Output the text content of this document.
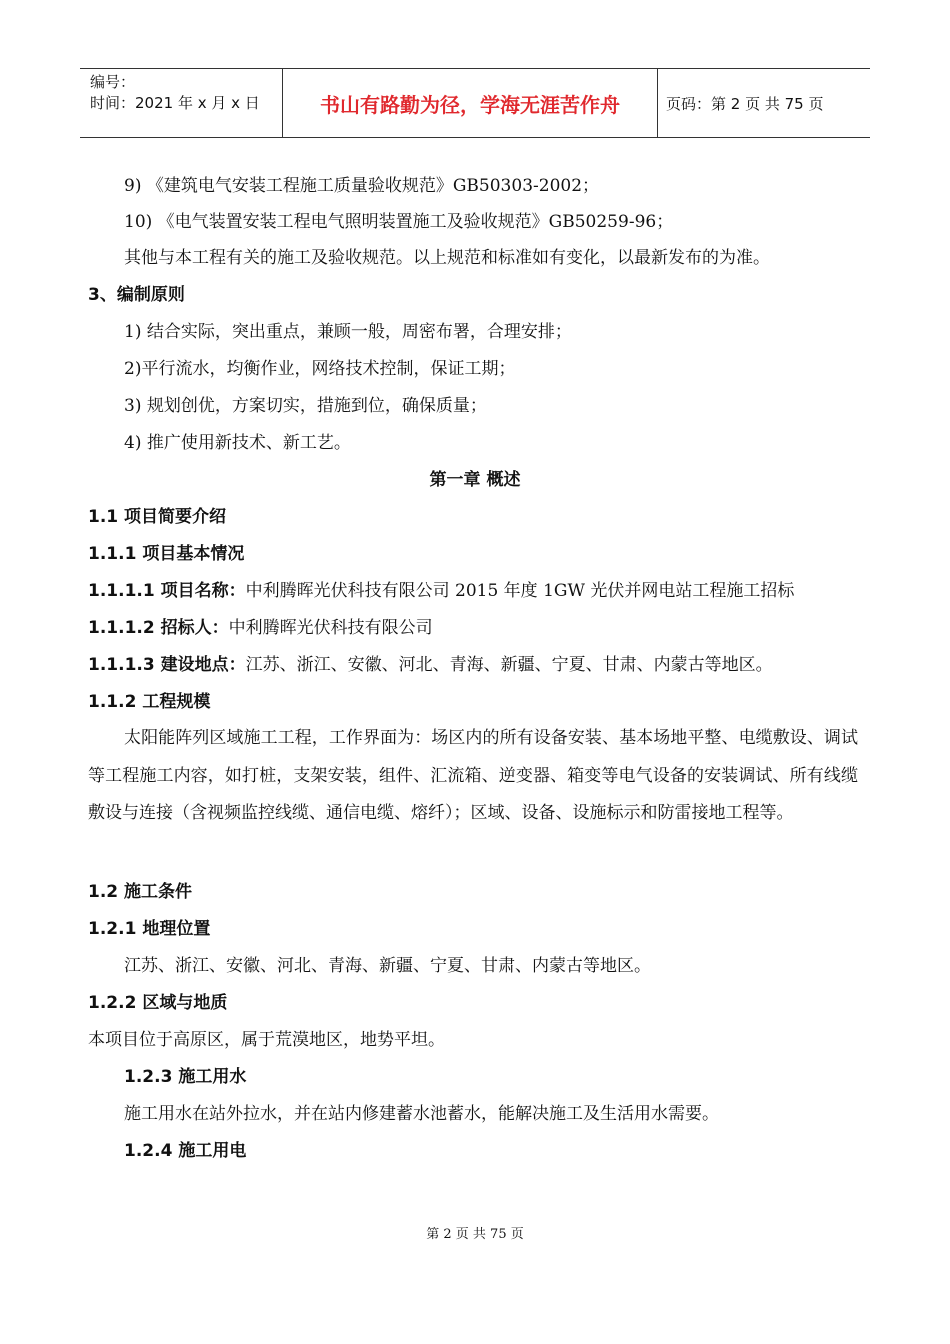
编号：
时间：2021 年 x 月 x 日	书山有路勤为径，学海无涯苦作舟	页码：第 2 页 共 75 页
9) 《建筑电气安装工程施工质量验收规范》GB50303-2002；
10) 《电气装置安装工程电气照明装置施工及验收规范》GB50259-96；
其他与本工程有关的施工及验收规范。以上规范和标准如有变化，以最新发布的为准。
3、编制原则
1) 结合实际，突出重点，兼顾一般，周密布署，合理安排；
2)平行流水，均衡作业，网络技术控制，保证工期；
3) 规划创优，方案切实，措施到位，确保质量；
4) 推广使用新技术、新工艺。
第一章 概述
1.1 项目简要介绍
1.1.1 项目基本情况
1.1.1.1 项目名称：中利腾晖光伏科技有限公司 2015 年度 1GW 光伏并网电站工程施工招标
1.1.1.2 招标人：中利腾晖光伏科技有限公司
1.1.1.3 建设地点：江苏、浙江、安徽、河北、青海、新疆、宁夏、甘肃、内蒙古等地区。
1.1.2 工程规模

太阳能阵列区域施工工程，工作界面为：场区内的所有设备安装、基本场地平整、电缆敷设、调试等工程施工内容，如打桩，支架安装，组件、汇流箱、逆变器、箱变等电气设备的安装调试、所有线缆敷设与连接（含视频监控线缆、通信电缆、熔纤）；区域、设备、设施标示和防雷接地工程等。

1.2 施工条件
1.2.1 地理位置
江苏、浙江、安徽、河北、青海、新疆、宁夏、甘肃、内蒙古等地区。
1.2.2 区域与地质
本项目位于高原区，属于荒漠地区，地势平坦。
1.2.3 施工用水
施工用水在站外拉水，并在站内修建蓄水池蓄水，能解决施工及生活用水需要。
1.2.4 施工用电
第 2 页 共 75 页
